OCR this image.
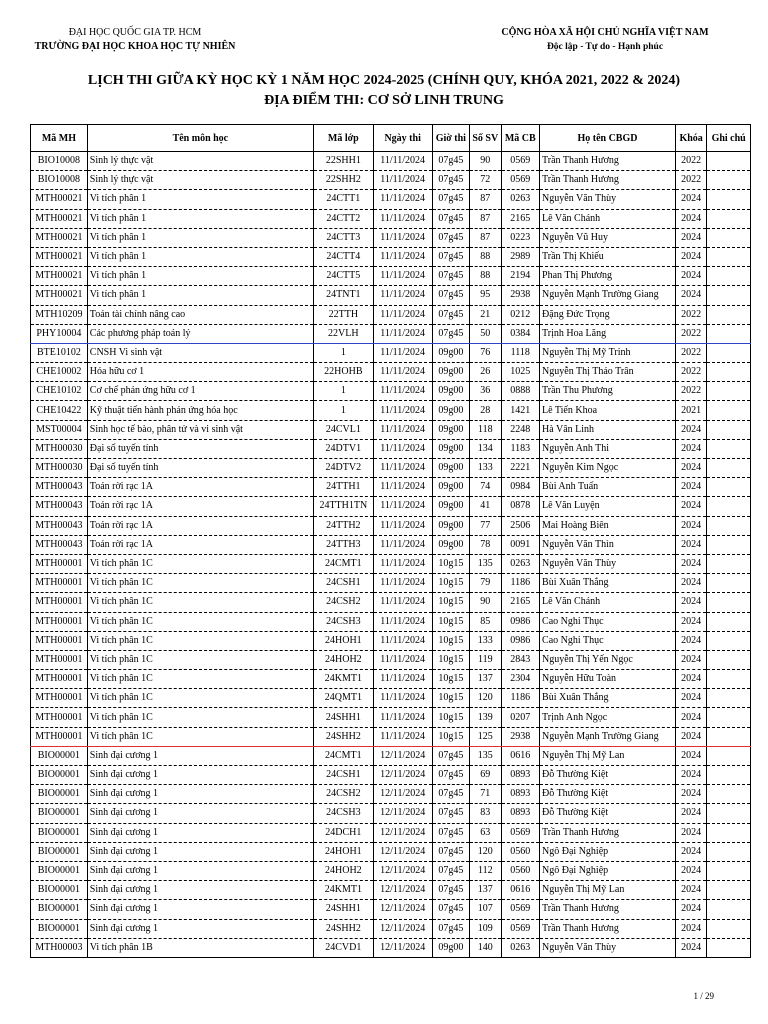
ĐẠI HỌC QUỐC GIA TP. HCM
TRƯỜNG ĐẠI HỌC KHOA HỌC TỰ NHIÊN
CỘNG HÒA XÃ HỘI CHỦ NGHĨA VIỆT NAM
Độc lập - Tự do - Hạnh phúc
LỊCH THI GIỮA KỲ HỌC KỲ 1 NĂM HỌC 2024-2025 (CHÍNH QUY, KHÓA 2021, 2022 & 2024)
ĐỊA ĐIỂM THI: CƠ SỞ LINH TRUNG
Mã MH	Tên môn học	Mã lớp	Ngày thi	Giờ thi	Số SV	Mã CB	Họ tên CBGD	Khóa	Ghi chú
BIO10008	Sinh lý thực vật	22SHH1	11/11/2024	07g45	90	0569	Trần Thanh Hương	2022	
BIO10008	Sinh lý thực vật	22SHH2	11/11/2024	07g45	72	0569	Trần Thanh Hương	2022	
MTH00021	Vi tích phân 1	24CTT1	11/11/2024	07g45	87	0263	Nguyễn Văn Thùy	2024	
MTH00021	Vi tích phân 1	24CTT2	11/11/2024	07g45	87	2165	Lê Văn Chánh	2024	
MTH00021	Vi tích phân 1	24CTT3	11/11/2024	07g45	87	0223	Nguyễn Vũ Huy	2024	
MTH00021	Vi tích phân 1	24CTT4	11/11/2024	07g45	88	2989	Trần Thị Khiếu	2024	
MTH00021	Vi tích phân 1	24CTT5	11/11/2024	07g45	88	2194	Phan Thị Phương	2024	
MTH00021	Vi tích phân 1	24TNT1	11/11/2024	07g45	95	2938	Nguyễn Mạnh Trường Giang	2024	
MTH10209	Toán tài chính nâng cao	22TTH	11/11/2024	07g45	21	0212	Đặng Đức Trọng	2022	
PHY10004	Các phương pháp toán lý	22VLH	11/11/2024	07g45	50	0384	Trịnh Hoa Lăng	2022	
BTE10102	CNSH Vi sinh vật	1	11/11/2024	09g00	76	1118	Nguyễn Thị Mỹ Trinh	2022	
CHE10002	Hóa hữu cơ 1	22HOHB	11/11/2024	09g00	26	1025	Nguyễn Thị Thảo Trân	2022	
CHE10102	Cơ chế phản ứng hữu cơ 1	1	11/11/2024	09g00	36	0888	Trần Thu Phương	2022	
CHE10422	Kỹ thuật tiến hành phản ứng hóa học	1	11/11/2024	09g00	28	1421	Lê Tiến Khoa	2021	
MST00004	Sinh học tế bào, phân tử và vi sinh vật	24CVL1	11/11/2024	09g00	118	2248	Hà Vân Linh	2024	
MTH00030	Đại số tuyến tính	24DTV1	11/11/2024	09g00	134	1183	Nguyễn Anh Thi	2024	
MTH00030	Đại số tuyến tính	24DTV2	11/11/2024	09g00	133	2221	Nguyễn Kim Ngọc	2024	
MTH00043	Toán rời rạc 1A	24TTH1	11/11/2024	09g00	74	0984	Bùi Anh Tuấn	2024	
MTH00043	Toán rời rạc 1A	24TTH1TN	11/11/2024	09g00	41	0878	Lê Văn Luyện	2024	
MTH00043	Toán rời rạc 1A	24TTH2	11/11/2024	09g00	77	2506	Mai Hoàng Biên	2024	
MTH00043	Toán rời rạc 1A	24TTH3	11/11/2024	09g00	78	0091	Nguyễn Văn Thìn	2024	
MTH00001	Vi tích phân 1C	24CMT1	11/11/2024	10g15	135	0263	Nguyễn Văn Thùy	2024	
MTH00001	Vi tích phân 1C	24CSH1	11/11/2024	10g15	79	1186	Bùi Xuân Thắng	2024	
MTH00001	Vi tích phân 1C	24CSH2	11/11/2024	10g15	90	2165	Lê Văn Chánh	2024	
MTH00001	Vi tích phân 1C	24CSH3	11/11/2024	10g15	85	0986	Cao Nghi Thục	2024	
MTH00001	Vi tích phân 1C	24HOH1	11/11/2024	10g15	133	0986	Cao Nghi Thục	2024	
MTH00001	Vi tích phân 1C	24HOH2	11/11/2024	10g15	119	2843	Nguyễn Thị Yến Ngọc	2024	
MTH00001	Vi tích phân 1C	24KMT1	11/11/2024	10g15	137	2304	Nguyễn Hữu Toàn	2024	
MTH00001	Vi tích phân 1C	24QMT1	11/11/2024	10g15	120	1186	Bùi Xuân Thắng	2024	
MTH00001	Vi tích phân 1C	24SHH1	11/11/2024	10g15	139	0207	Trịnh Anh Ngọc	2024	
MTH00001	Vi tích phân 1C	24SHH2	11/11/2024	10g15	125	2938	Nguyễn Mạnh Trường Giang	2024	
BIO00001	Sinh đại cương 1	24CMT1	12/11/2024	07g45	135	0616	Nguyễn Thị Mỹ Lan	2024	
BIO00001	Sinh đại cương 1	24CSH1	12/11/2024	07g45	69	0893	Đỗ Thường Kiệt	2024	
BIO00001	Sinh đại cương 1	24CSH2	12/11/2024	07g45	71	0893	Đỗ Thường Kiệt	2024	
BIO00001	Sinh đại cương 1	24CSH3	12/11/2024	07g45	83	0893	Đỗ Thường Kiệt	2024	
BIO00001	Sinh đại cương 1	24DCH1	12/11/2024	07g45	63	0569	Trần Thanh Hương	2024	
BIO00001	Sinh đại cương 1	24HOH1	12/11/2024	07g45	120	0560	Ngô Đại Nghiệp	2024	
BIO00001	Sinh đại cương 1	24HOH2	12/11/2024	07g45	112	0560	Ngô Đại Nghiệp	2024	
BIO00001	Sinh đại cương 1	24KMT1	12/11/2024	07g45	137	0616	Nguyễn Thị Mỹ Lan	2024	
BIO00001	Sinh đại cương 1	24SHH1	12/11/2024	07g45	107	0569	Trần Thanh Hương	2024	
BIO00001	Sinh đại cương 1	24SHH2	12/11/2024	07g45	109	0569	Trần Thanh Hương	2024	
MTH00003	Vi tích phân 1B	24CVD1	12/11/2024	09g00	140	0263	Nguyễn Văn Thùy	2024	
1 / 29
